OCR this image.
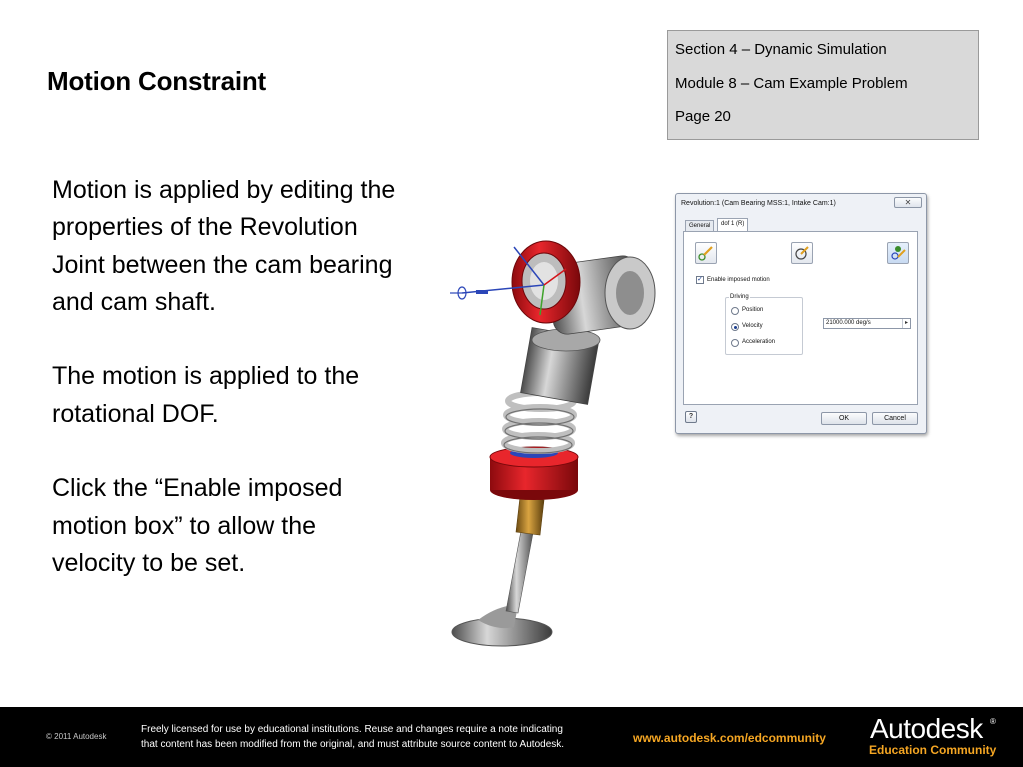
Motion Constraint
Section 4 – Dynamic Simulation
Module 8 – Cam Example Problem
Page 20

Motion is applied by editing the properties of the Revolution Joint between the cam bearing and cam shaft.

The motion is applied to the rotational DOF.

Click the “Enable imposed motion box” to allow the velocity to be set.

Revolution:1 (Cam Bearing MSS:1, Intake Cam:1)	✕
General	dof 1 (R)
✓ Enable imposed motion
Driving
Position
Velocity
Acceleration
21000.000 deg/s	▸
?	OK	Cancel
© 2011 Autodesk
Freely licensed for use by educational institutions. Reuse and changes require a note indicating
that content has been modified from the original, and must attribute source content to Autodesk.	www.autodesk.com/edcommunity Autodesk ®
Education Community
